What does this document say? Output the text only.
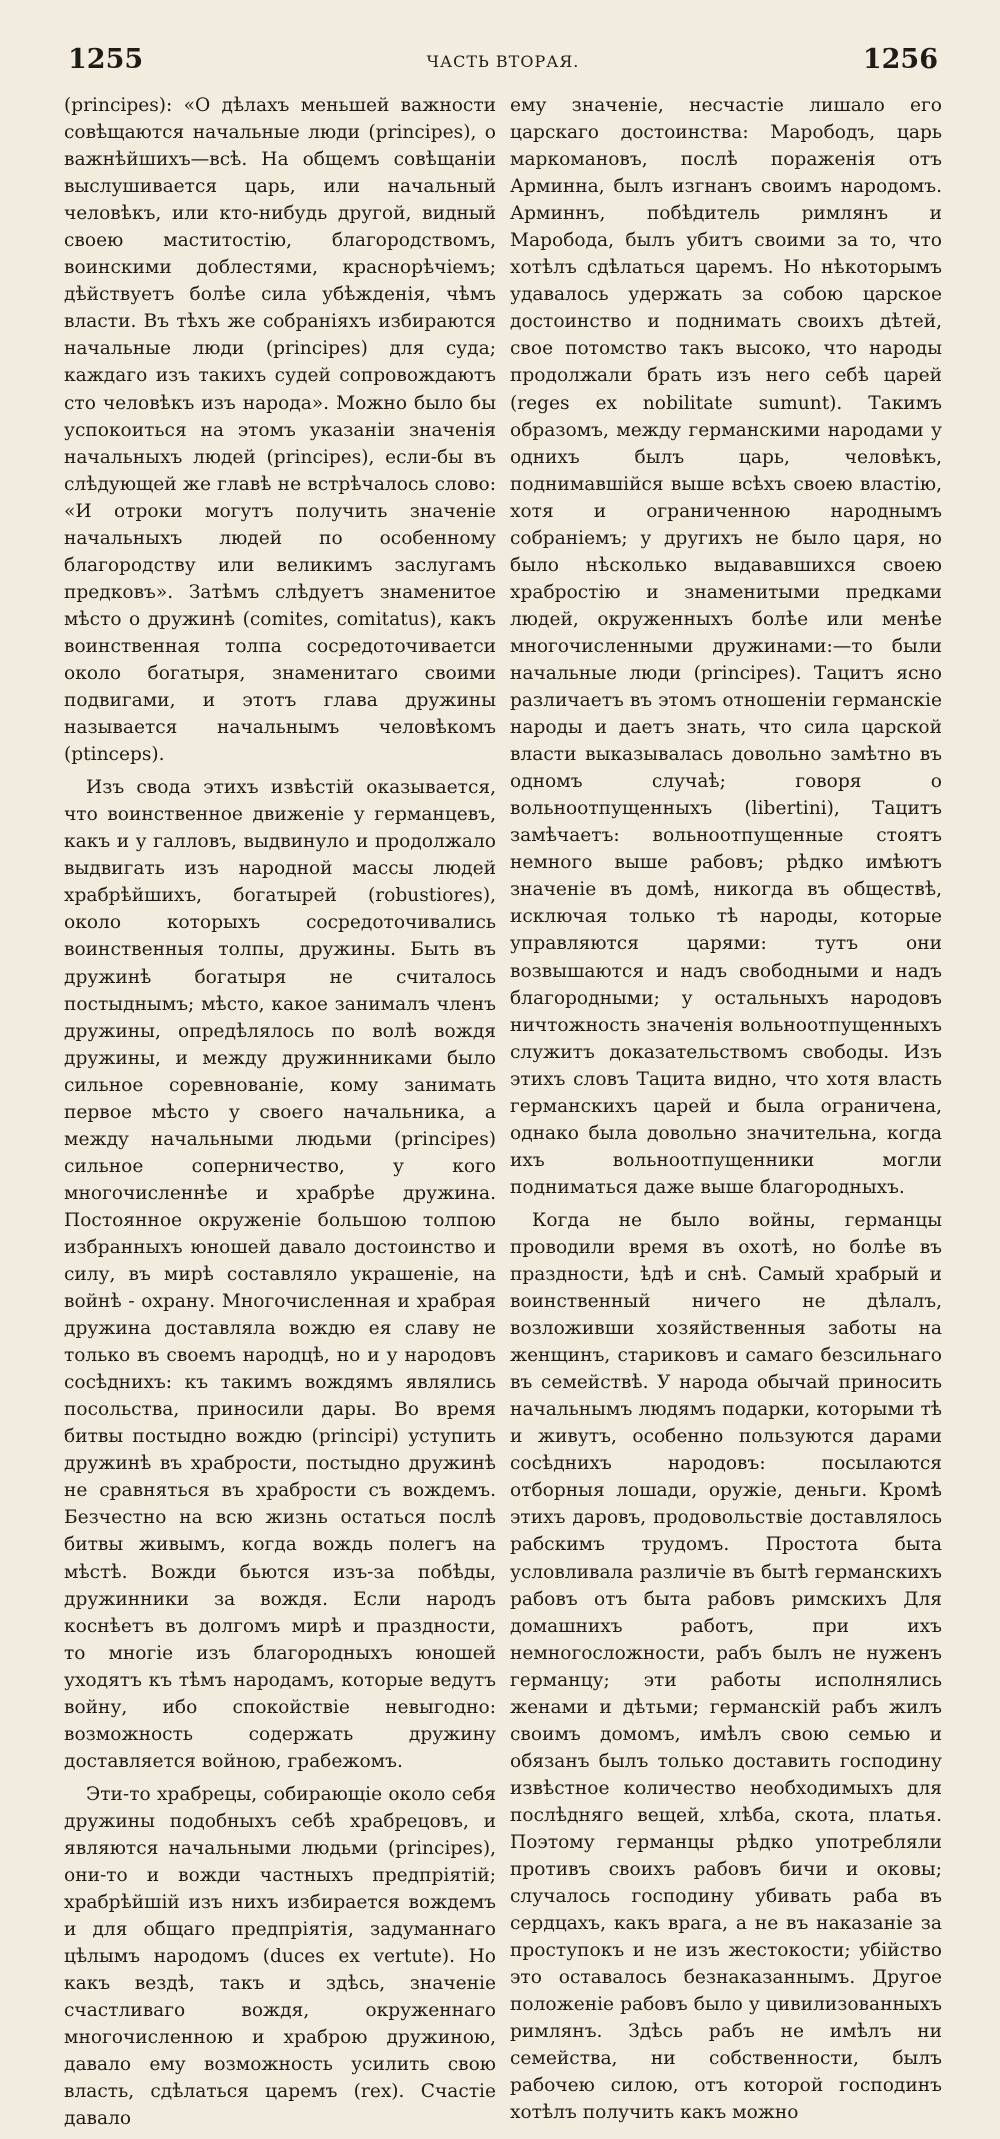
1255	ЧАСТЬ ВТОРАЯ.	1256

(principes): «О дѣлахъ меньшей важности совѣщаются начальные люди (principes), о важнѣйшихъ—всѣ. На общемъ совѣщаніи выслушивается царь, или начальный человѣкъ, или кто-нибудь другой, видный своею маститостію, благородствомъ, воинскими доблестями, краснорѣчіемъ; дѣйствуетъ болѣе сила убѣжденія, чѣмъ власти. Въ тѣхъ же собраніяхъ избираются начальные люди (principes) для суда; каждаго изъ такихъ судей сопровождаютъ сто человѣкъ изъ народа». Можно было бы успокоиться на этомъ указаніи значенія начальныхъ людей (principes), если-бы въ слѣдующей же главѣ не встрѣчалось слово: «И отроки могутъ получить значеніе начальныхъ людей по особенному благородству или великимъ заслугамъ предковъ». Затѣмъ слѣдуетъ знаменитое мѣсто о дружинѣ (comites, comitatus), какъ воинственная толпа сосредоточиваетси около богатыря, знаменитаго своими подвигами, и этотъ глава дружины называется начальнымъ человѣкомъ (ptinceps).

Изъ свода этихъ извѣстій оказывается, что воинственное движеніе у германцевъ, какъ и у галловъ, выдвинуло и продолжало выдвигать изъ народной массы людей храбрѣйшихъ, богатырей (robustiores), около которыхъ сосредоточивались воинственныя толпы, дружины. Быть въ дружинѣ богатыря не считалось постыднымъ; мѣсто, какое занималъ членъ дружины, опредѣлялось по волѣ вождя дружины, и между дружинниками было сильное соревнованіе, кому занимать первое мѣсто у своего начальника, а между начальными людьми (principes) сильное соперничество, у кого многочисленнѣе и храбрѣе дружина. Постоянное окруженіе большою толпою избранныхъ юношей давало достоинство и силу, въ мирѣ составляло украшеніе, на войнѣ - охрану. Многочисленная и храбрая дружина доставляла вождю ея славу не только въ своемъ народцѣ, но и у народовъ сосѣднихъ: къ такимъ вождямъ являлись посольства, приносили дары. Во время битвы постыдно вождю (principi) уступить дружинѣ въ храбрости, постыдно дружинѣ не сравняться въ храбрости съ вождемъ. Безчестно на всю жизнь остаться послѣ битвы живымъ, когда вождь полегъ на мѣстѣ. Вожди бьются изъ-за побѣды, дружинники за вождя. Если народъ коснѣетъ въ долгомъ мирѣ и праздности, то многіе изъ благородныхъ юношей уходятъ къ тѣмъ народамъ, которые ведутъ войну, ибо спокойствіе невыгодно: возможность содержать дружину доставляется войною, грабежомъ.

Эти-то храбрецы, собирающіе около себя дружины подобныхъ себѣ храбрецовъ, и являются начальными людьми (principes), они-то и вожди частныхъ предпріятій; храбрѣйшій изъ нихъ избирается вождемъ и для общаго предпріятія, задуманнаго цѣлымъ народомъ (duces ex vertute). Но какъ вездѣ, такъ и здѣсь, значеніе счастливаго вождя, окруженнаго многочисленною и храброю дружиною, давало ему возможность усилить свою власть, сдѣлаться царемъ (rex). Счастіе давало

ему значеніе, несчастіе лишало его царскаго достоинства: Марободъ, царь маркомановъ, послѣ пораженія отъ Арминна, былъ изгнанъ своимъ народомъ. Арминнъ, побѣдитель римлянъ и Маробода, былъ убитъ своими за то, что хотѣлъ сдѣлаться царемъ. Но нѣкоторымъ удавалось удержать за собою царское достоинство и поднимать своихъ дѣтей, свое потомство такъ высоко, что народы продолжали брать изъ него себѣ царей (reges ex nobilitate sumunt). Такимъ образомъ, между германскими народами у однихъ былъ царь, человѣкъ, поднимавшійся выше всѣхъ своею властію, хотя и ограниченною народнымъ собраніемъ; у другихъ не было царя, но было нѣсколько выдававшихся своею храбростію и знаменитыми предками людей, окруженныхъ болѣе или менѣе многочисленными дружинами:—то были начальные люди (principes). Тацитъ ясно различаетъ въ этомъ отношеніи германскіе народы и даетъ знать, что сила царской власти выказывалась довольно замѣтно въ одномъ случаѣ; говоря о вольноотпущенныхъ (libertini), Тацитъ замѣчаетъ: вольноотпущенные стоятъ немного выше рабовъ; рѣдко имѣютъ значеніе въ домѣ, никогда въ обществѣ, исключая только тѣ народы, которые управляются царями: тутъ они возвышаются и надъ свободными и надъ благородными; у остальныхъ народовъ ничтожность значенія вольноотпущенныхъ служитъ доказательствомъ свободы. Изъ этихъ словъ Тацита видно, что хотя власть германскихъ царей и была ограничена, однако была довольно значительна, когда ихъ вольноотпущенники могли подниматься даже выше благородныхъ.

Когда не было войны, германцы проводили время въ охотѣ, но болѣе въ праздности, ѣдѣ и снѣ. Самый храбрый и воинственный ничего не дѣлалъ, возложивши хозяйственныя заботы на женщинъ, стариковъ и самаго безсильнаго въ семействѣ. У народа обычай приносить начальнымъ людямъ подарки, которыми тѣ и живутъ, особенно пользуются дарами сосѣднихъ народовъ: посылаются отборныя лошади, оружіе, деньги. Кромѣ этихъ даровъ, продовольствіе доставлялось рабскимъ трудомъ. Простота быта условливала различіе въ бытѣ германскихъ рабовъ отъ быта рабовъ римскихъ Для домашнихъ работъ, при ихъ немногосложности, рабъ былъ не нуженъ германцу; эти работы исполнялись женами и дѣтьми; германскій рабъ жилъ своимъ домомъ, имѣлъ свою семью и обязанъ былъ только доставить господину извѣстное количество необходимыхъ для послѣдняго вещей, хлѣба, скота, платья. Поэтому германцы рѣдко употребляли противъ своихъ рабовъ бичи и оковы; случалось господину убивать раба въ сердцахъ, какъ врага, а не въ наказаніе за проступокъ и не изъ жестокости; убійство это оставалось безнаказаннымъ. Другое положеніе рабовъ было у цивилизованныхъ римлянъ. Здѣсь рабъ не имѣлъ ни семейства, ни собственности, былъ рабочею силою, отъ которой господинъ хотѣлъ получить какъ можно
